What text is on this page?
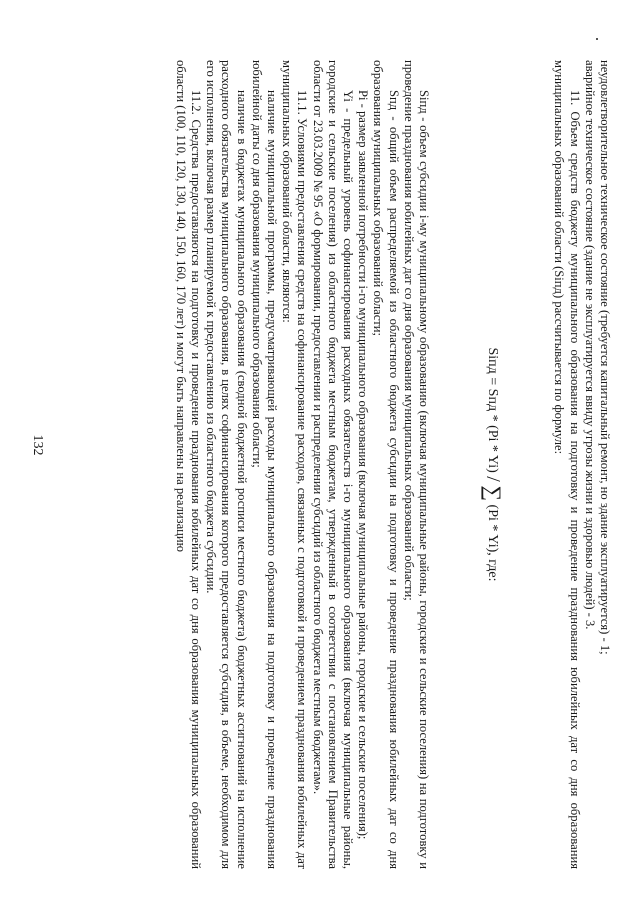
132	неудовлетворительное техническое состояние (требуется капитальный ремонт, но здание эксплуатируется) - 1;

аварийное техническое состояние (здание не эксплуатируется ввиду угрозы жизни и здоровью людей) - 3.

11. Объем средств бюджету муниципального образования на подготовку и проведение празднования юбилейных дат со дня образования муниципальных образований области (Siпд) рассчитывается по формуле:

Siпд = Sпд * (Pi * Yi) / ∑ (Pi * Yi), где:

Siпд - объем субсидии i-му муниципальному образованию (включая муниципальные районы, городские и сельские поселения) на подготовку и проведение празднования юбилейных дат со дня образования муниципальных образований области;

Sпд - общий объем распределяемой из областного бюджета субсидии на подготовку и проведение празднования юбилейных дат со дня образования муниципальных образований области;

Pi - размер заявленной потребности i-го муниципального образования (включая муниципальные районы, городские и сельские поселения);

Yi - предельный уровень софинансирования расходных обязательств i-го муниципального образования (включая муниципальные районы, городские и сельские поселения) из областного бюджета местным бюджетам, утвержденный в соответствии с постановлением Правительства области от 23.03.2009 № 95 «О формировании, предоставлении и распределении субсидий из областного бюджета местным бюджетам».

11.1. Условиями предоставления средств на софинансирование расходов, связанных с подготовкой и проведением празднования юбилейных дат муниципальных образований области, являются:

наличие муниципальной программы, предусматривающей расходы муниципального образования на подготовку и проведение празднования юбилейной даты со дня образования муниципального образования области;

наличие в бюджетах муниципального образования (сводной бюджетной росписи местного бюджета) бюджетных ассигнований на исполнение расходного обязательства муниципального образования, в целях софинансирования которого предоставляется субсидия, в объеме, необходимом для его исполнения, включая размер планируемой к предоставлению из областного бюджета субсидии.

11.2. Средства предоставляются на подготовку и проведение празднования юбилейных дат со дня образования муниципальных образований области (100, 110, 120, 130, 140, 150, 160, 170 лет) и могут быть направлены на реализацию
